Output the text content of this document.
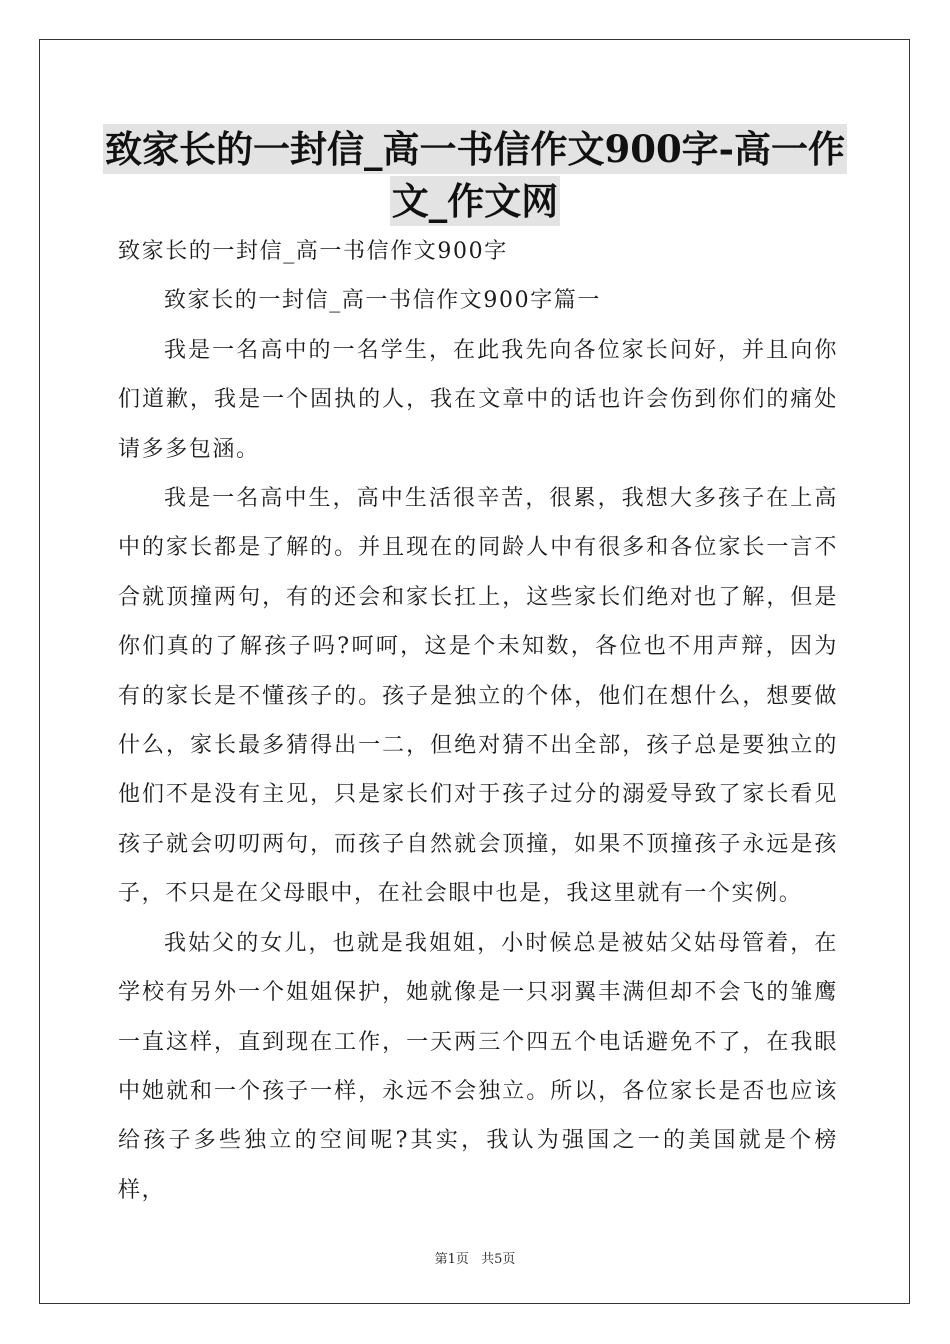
致家长的一封信_高一书信作文900字-高一作
文_作文网

致家长的一封信_高一书信作文900字

致家长的一封信_高一书信作文900字篇一

我是一名高中的一名学生，在此我先向各位家长问好，并且向你们道歉，我是一个固执的人，我在文章中的话也许会伤到你们的痛处请多多包涵。

我是一名高中生，高中生活很辛苦，很累，我想大多孩子在上高中的家长都是了解的。并且现在的同龄人中有很多和各位家长一言不合就顶撞两句，有的还会和家长扛上，这些家长们绝对也了解，但是你们真的了解孩子吗?呵呵，这是个未知数，各位也不用声辩，因为有的家长是不懂孩子的。孩子是独立的个体，他们在想什么，想要做什么，家长最多猜得出一二，但绝对猜不出全部，孩子总是要独立的他们不是没有主见，只是家长们对于孩子过分的溺爱导致了家长看见孩子就会叨叨两句，而孩子自然就会顶撞，如果不顶撞孩子永远是孩子，不只是在父母眼中，在社会眼中也是，我这里就有一个实例。

我姑父的女儿，也就是我姐姐，小时候总是被姑父姑母管着，在学校有另外一个姐姐保护，她就像是一只羽翼丰满但却不会飞的雏鹰一直这样，直到现在工作，一天两三个四五个电话避免不了，在我眼中她就和一个孩子一样，永远不会独立。所以，各位家长是否也应该给孩子多些独立的空间呢?其实，我认为强国之一的美国就是个榜样，

第1页 共5页
